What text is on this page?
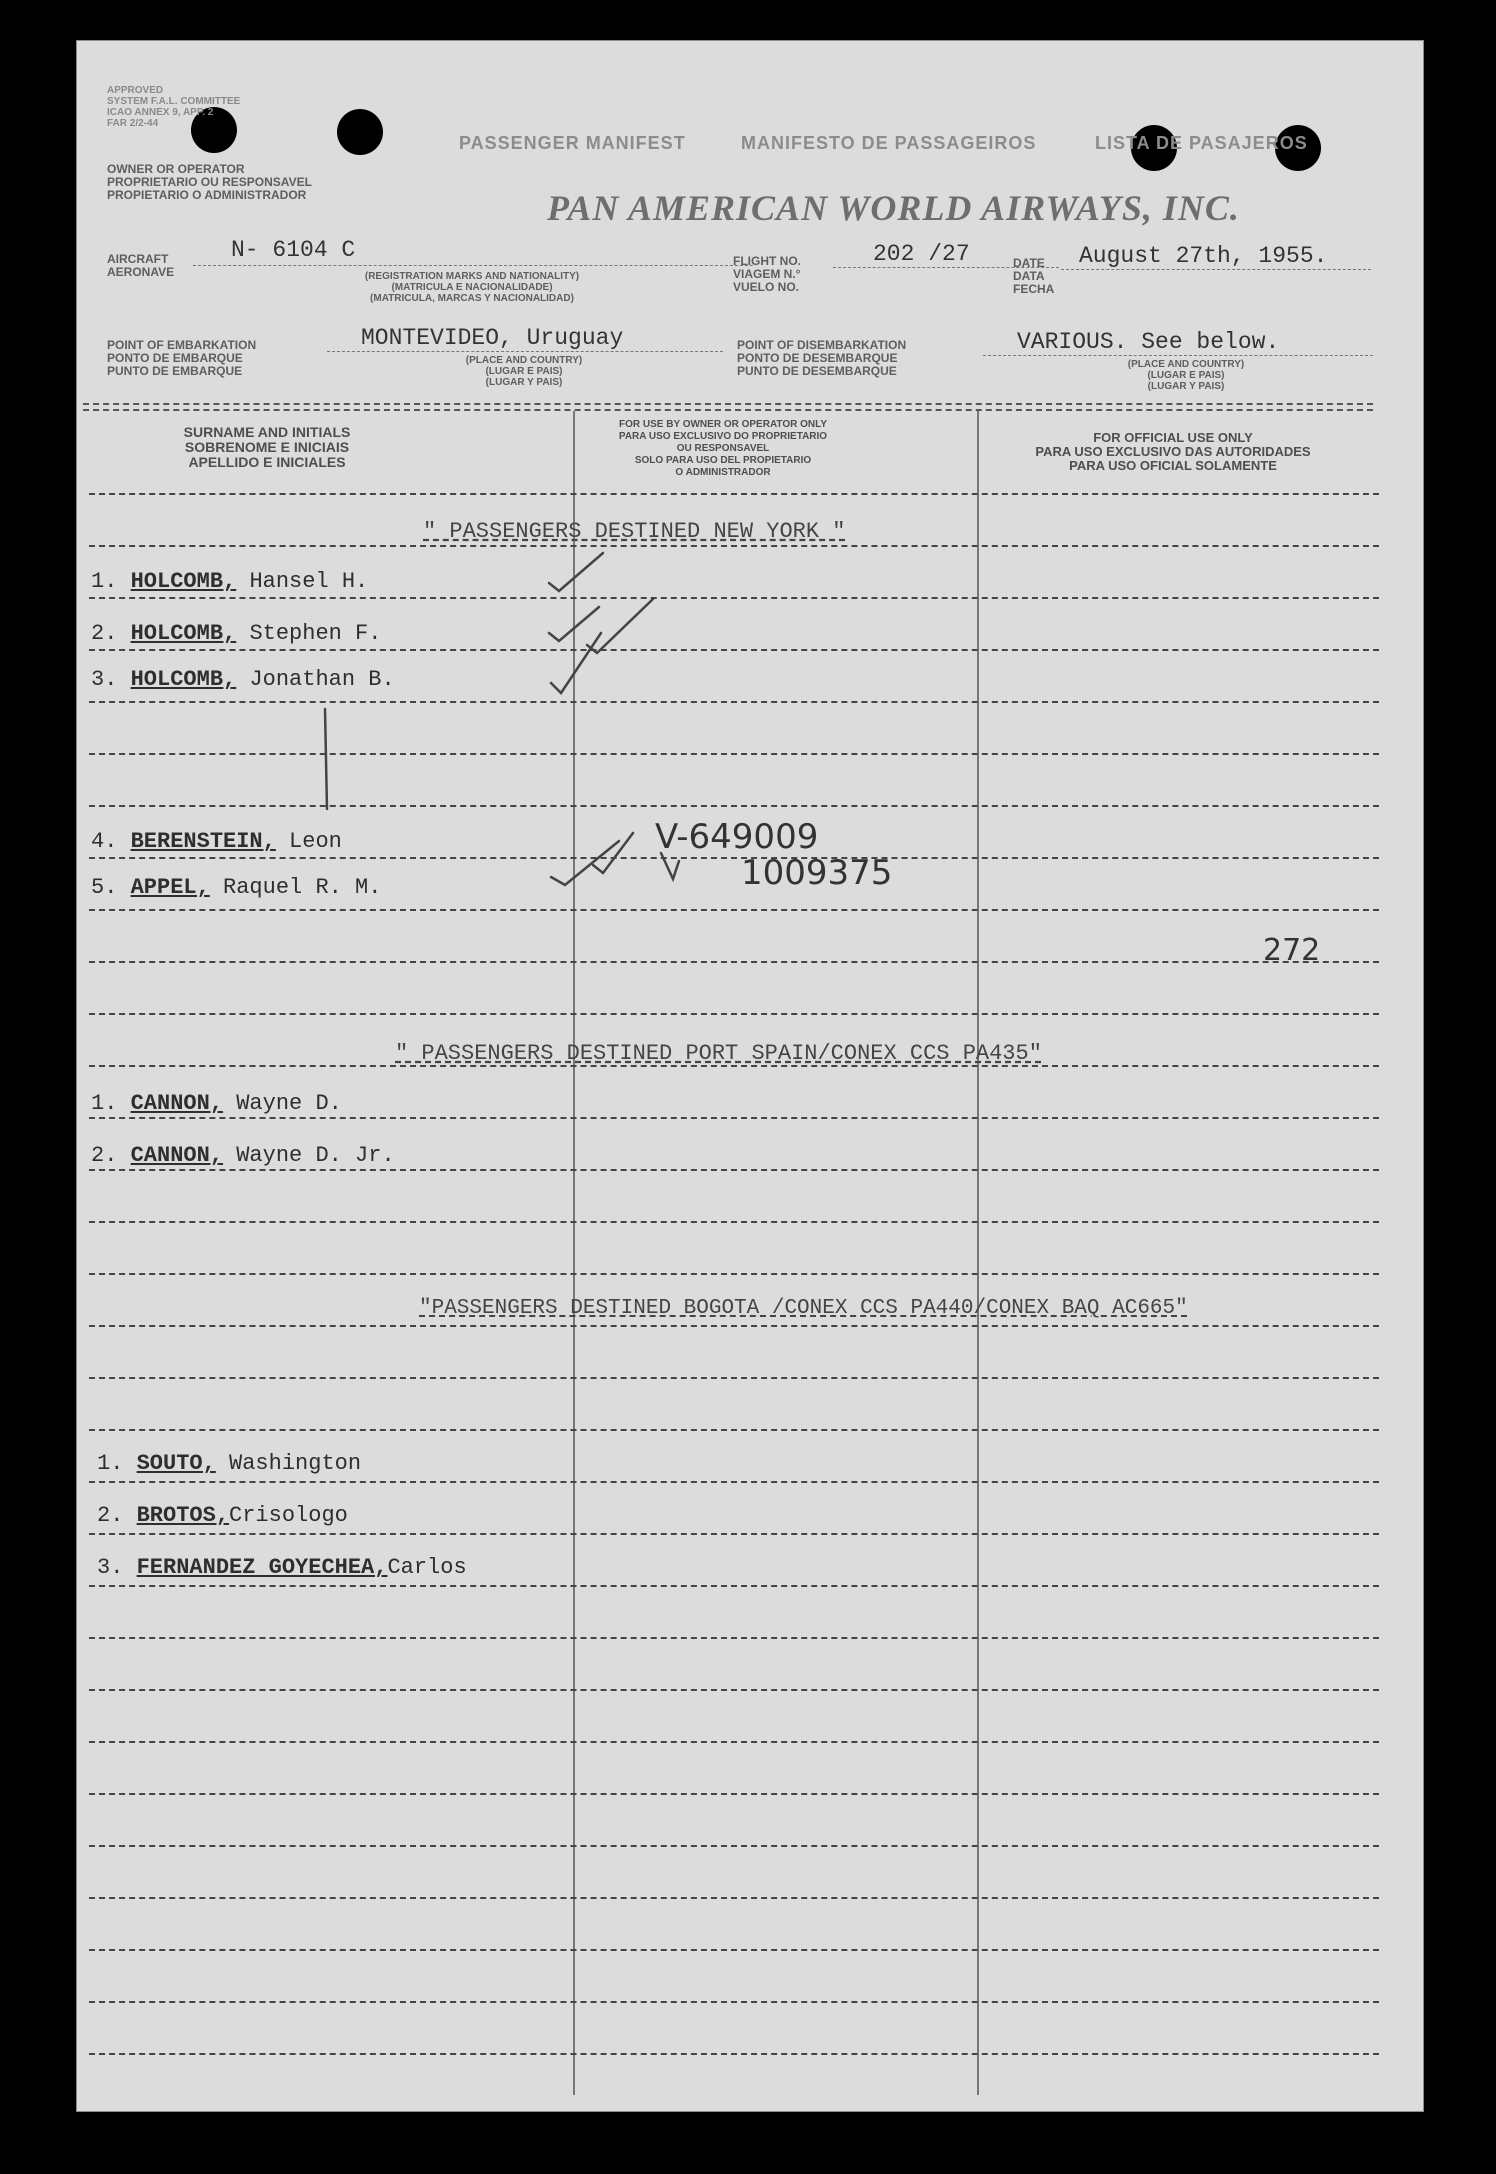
APPROVED
SYSTEM F.A.L. COMMITTEE
ICAO ANNEX 9, APP. 2
FAR 2/2-44
PASSENGER MANIFEST	MANIFESTO DE PASSAGEIROS	LISTA DE PASAJEROS
OWNER OR OPERATOR
PROPRIETARIO OU RESPONSAVEL
PROPIETARIO O ADMINISTRADOR	PAN AMERICAN WORLD AIRWAYS, INC.
AIRCRAFT
AERONAVE
N- 6104 C
(REGISTRATION MARKS AND NATIONALITY)
(MATRICULA E NACIONALIDADE)
(MATRICULA, MARCAS Y NACIONALIDAD)
FLIGHT NO.
VIAGEM N.°
VUELO NO.
202 /27	DATE
DATA
FECHA
August 27th, 1955.
POINT OF EMBARKATION
PONTO DE EMBARQUE
PUNTO DE EMBARQUE
MONTEVIDEO, Uruguay
(PLACE AND COUNTRY)
(LUGAR E PAIS)
(LUGAR Y PAIS)
POINT OF DISEMBARKATION
PONTO DE DESEMBARQUE
PUNTO DE DESEMBARQUE
VARIOUS. See below.
(PLACE AND COUNTRY)
(LUGAR E PAIS)
(LUGAR Y PAIS)
SURNAME AND INITIALS
SOBRENOME E INICIAIS
APELLIDO E INICIALES
FOR USE BY OWNER OR OPERATOR ONLY
PARA USO EXCLUSIVO DO PROPRIETARIO
OU RESPONSAVEL
SOLO PARA USO DEL PROPIETARIO
O ADMINISTRADOR
FOR OFFICIAL USE ONLY
PARA USO EXCLUSIVO DAS AUTORIDADES
PARA USO OFICIAL SOLAMENTE
" PASSENGERS DESTINED NEW YORK "
1. HOLCOMB, Hansel H.
2. HOLCOMB, Stephen F.
3. HOLCOMB, Jonathan B.
4. BERENSTEIN, Leon
5. APPEL, Raquel R. M.
V-649009
1009375
272
" PASSENGERS DESTINED PORT SPAIN/CONEX CCS PA435"
1. CANNON, Wayne D.
2. CANNON, Wayne D. Jr.
"PASSENGERS DESTINED BOGOTA /CONEX CCS PA440/CONEX BAQ AC665"
1. SOUTO, Washington
2. BROTOS,Crisologo
3. FERNANDEZ GOYECHEA,Carlos
